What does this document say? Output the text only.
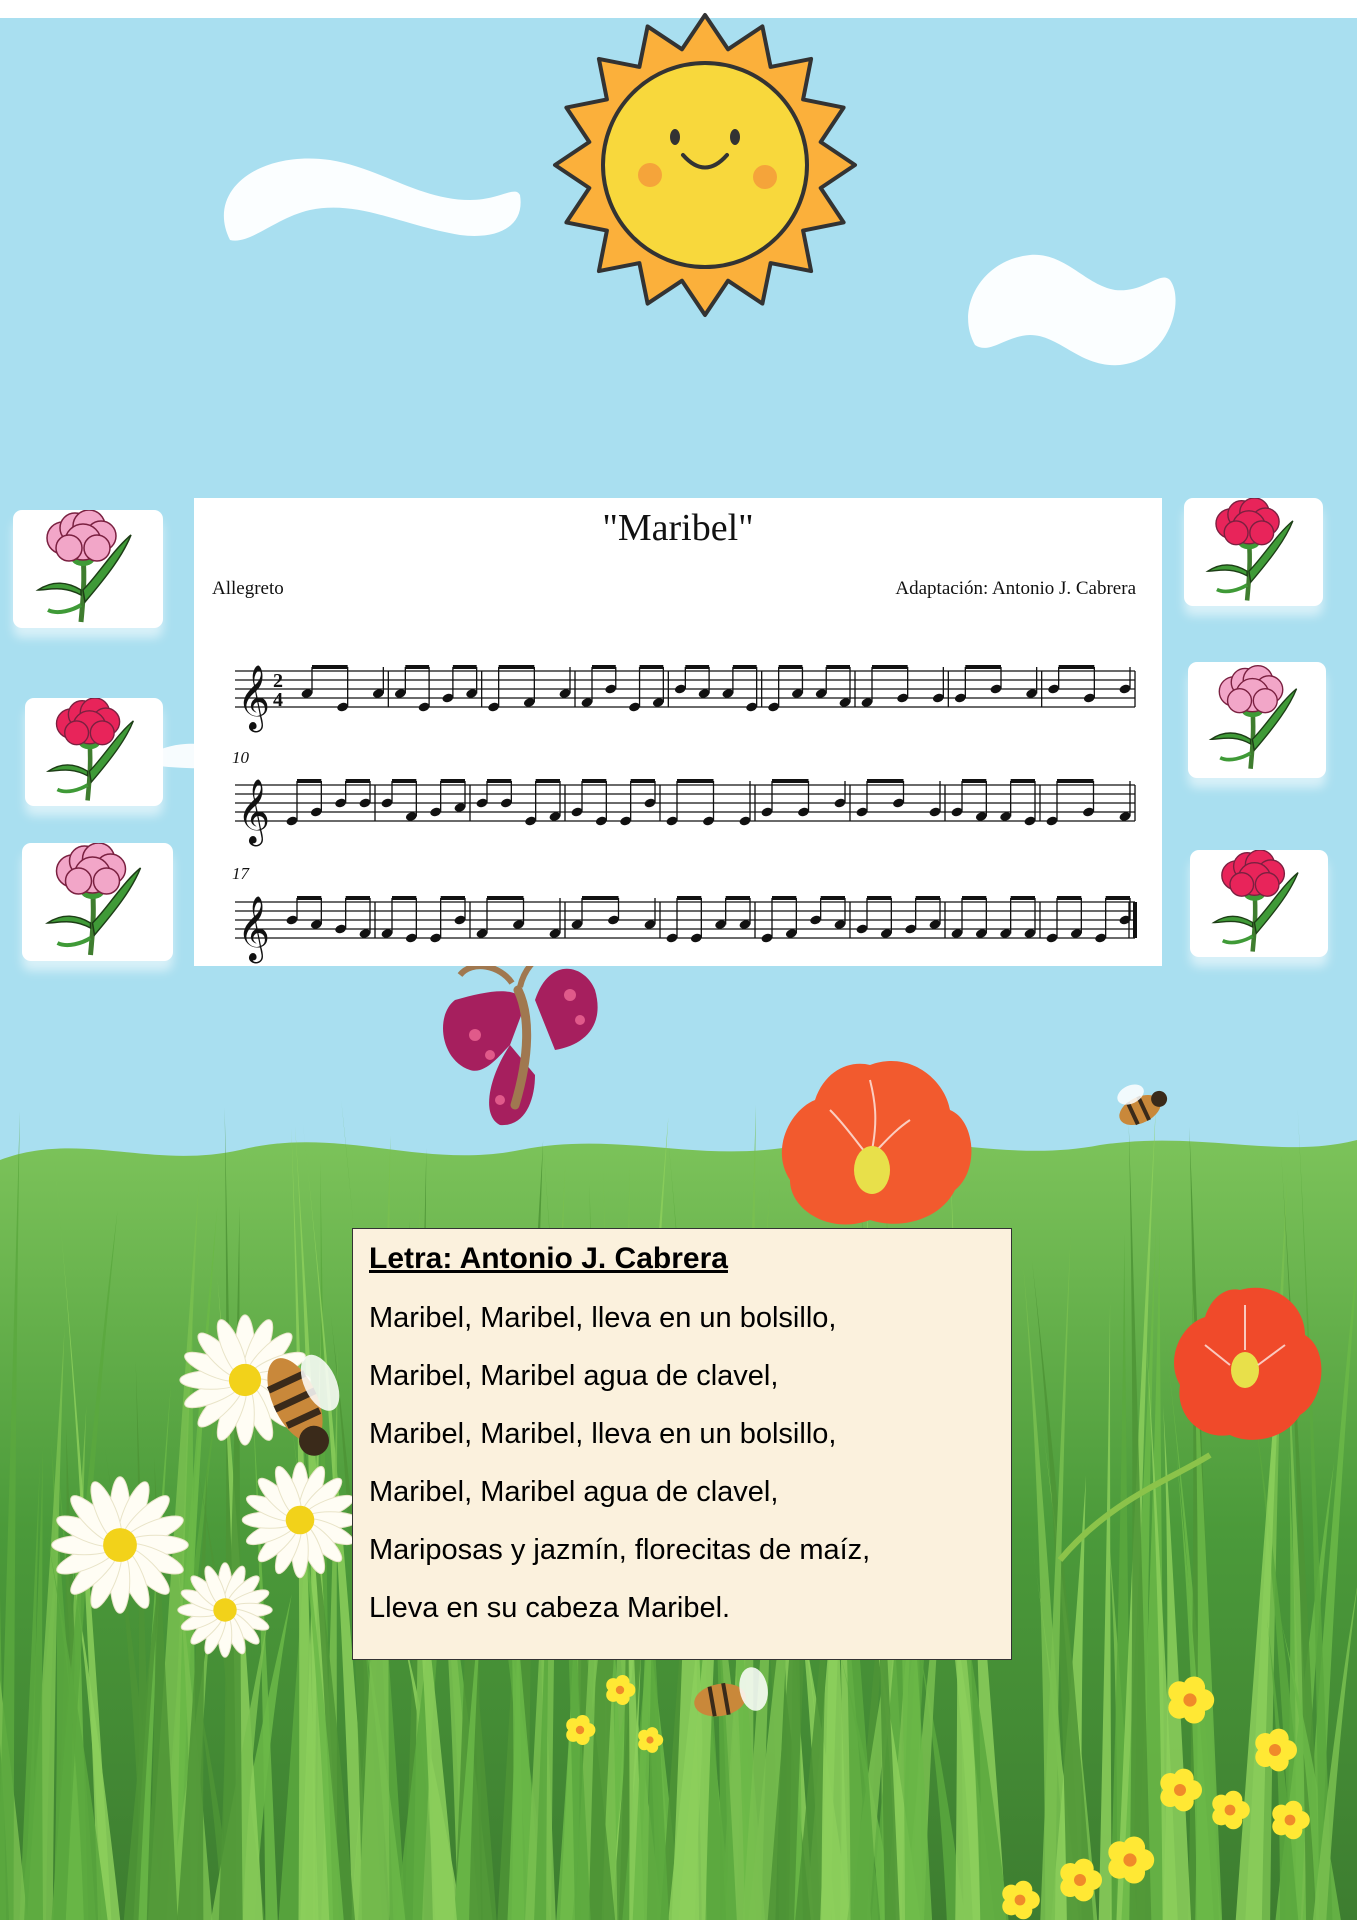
𝄞 2
4
𝄞
𝄞
"Maribel"
Allegreto	Adaptación: Antonio J. Cabrera
10
17
Letra: Antonio J. Cabrera
Maribel, Maribel, lleva en un bolsillo,
Maribel, Maribel agua de clavel,
Maribel, Maribel, lleva en un bolsillo,
Maribel, Maribel agua de clavel,
Mariposas y jazmín, florecitas de maíz,
Lleva en su cabeza Maribel.
